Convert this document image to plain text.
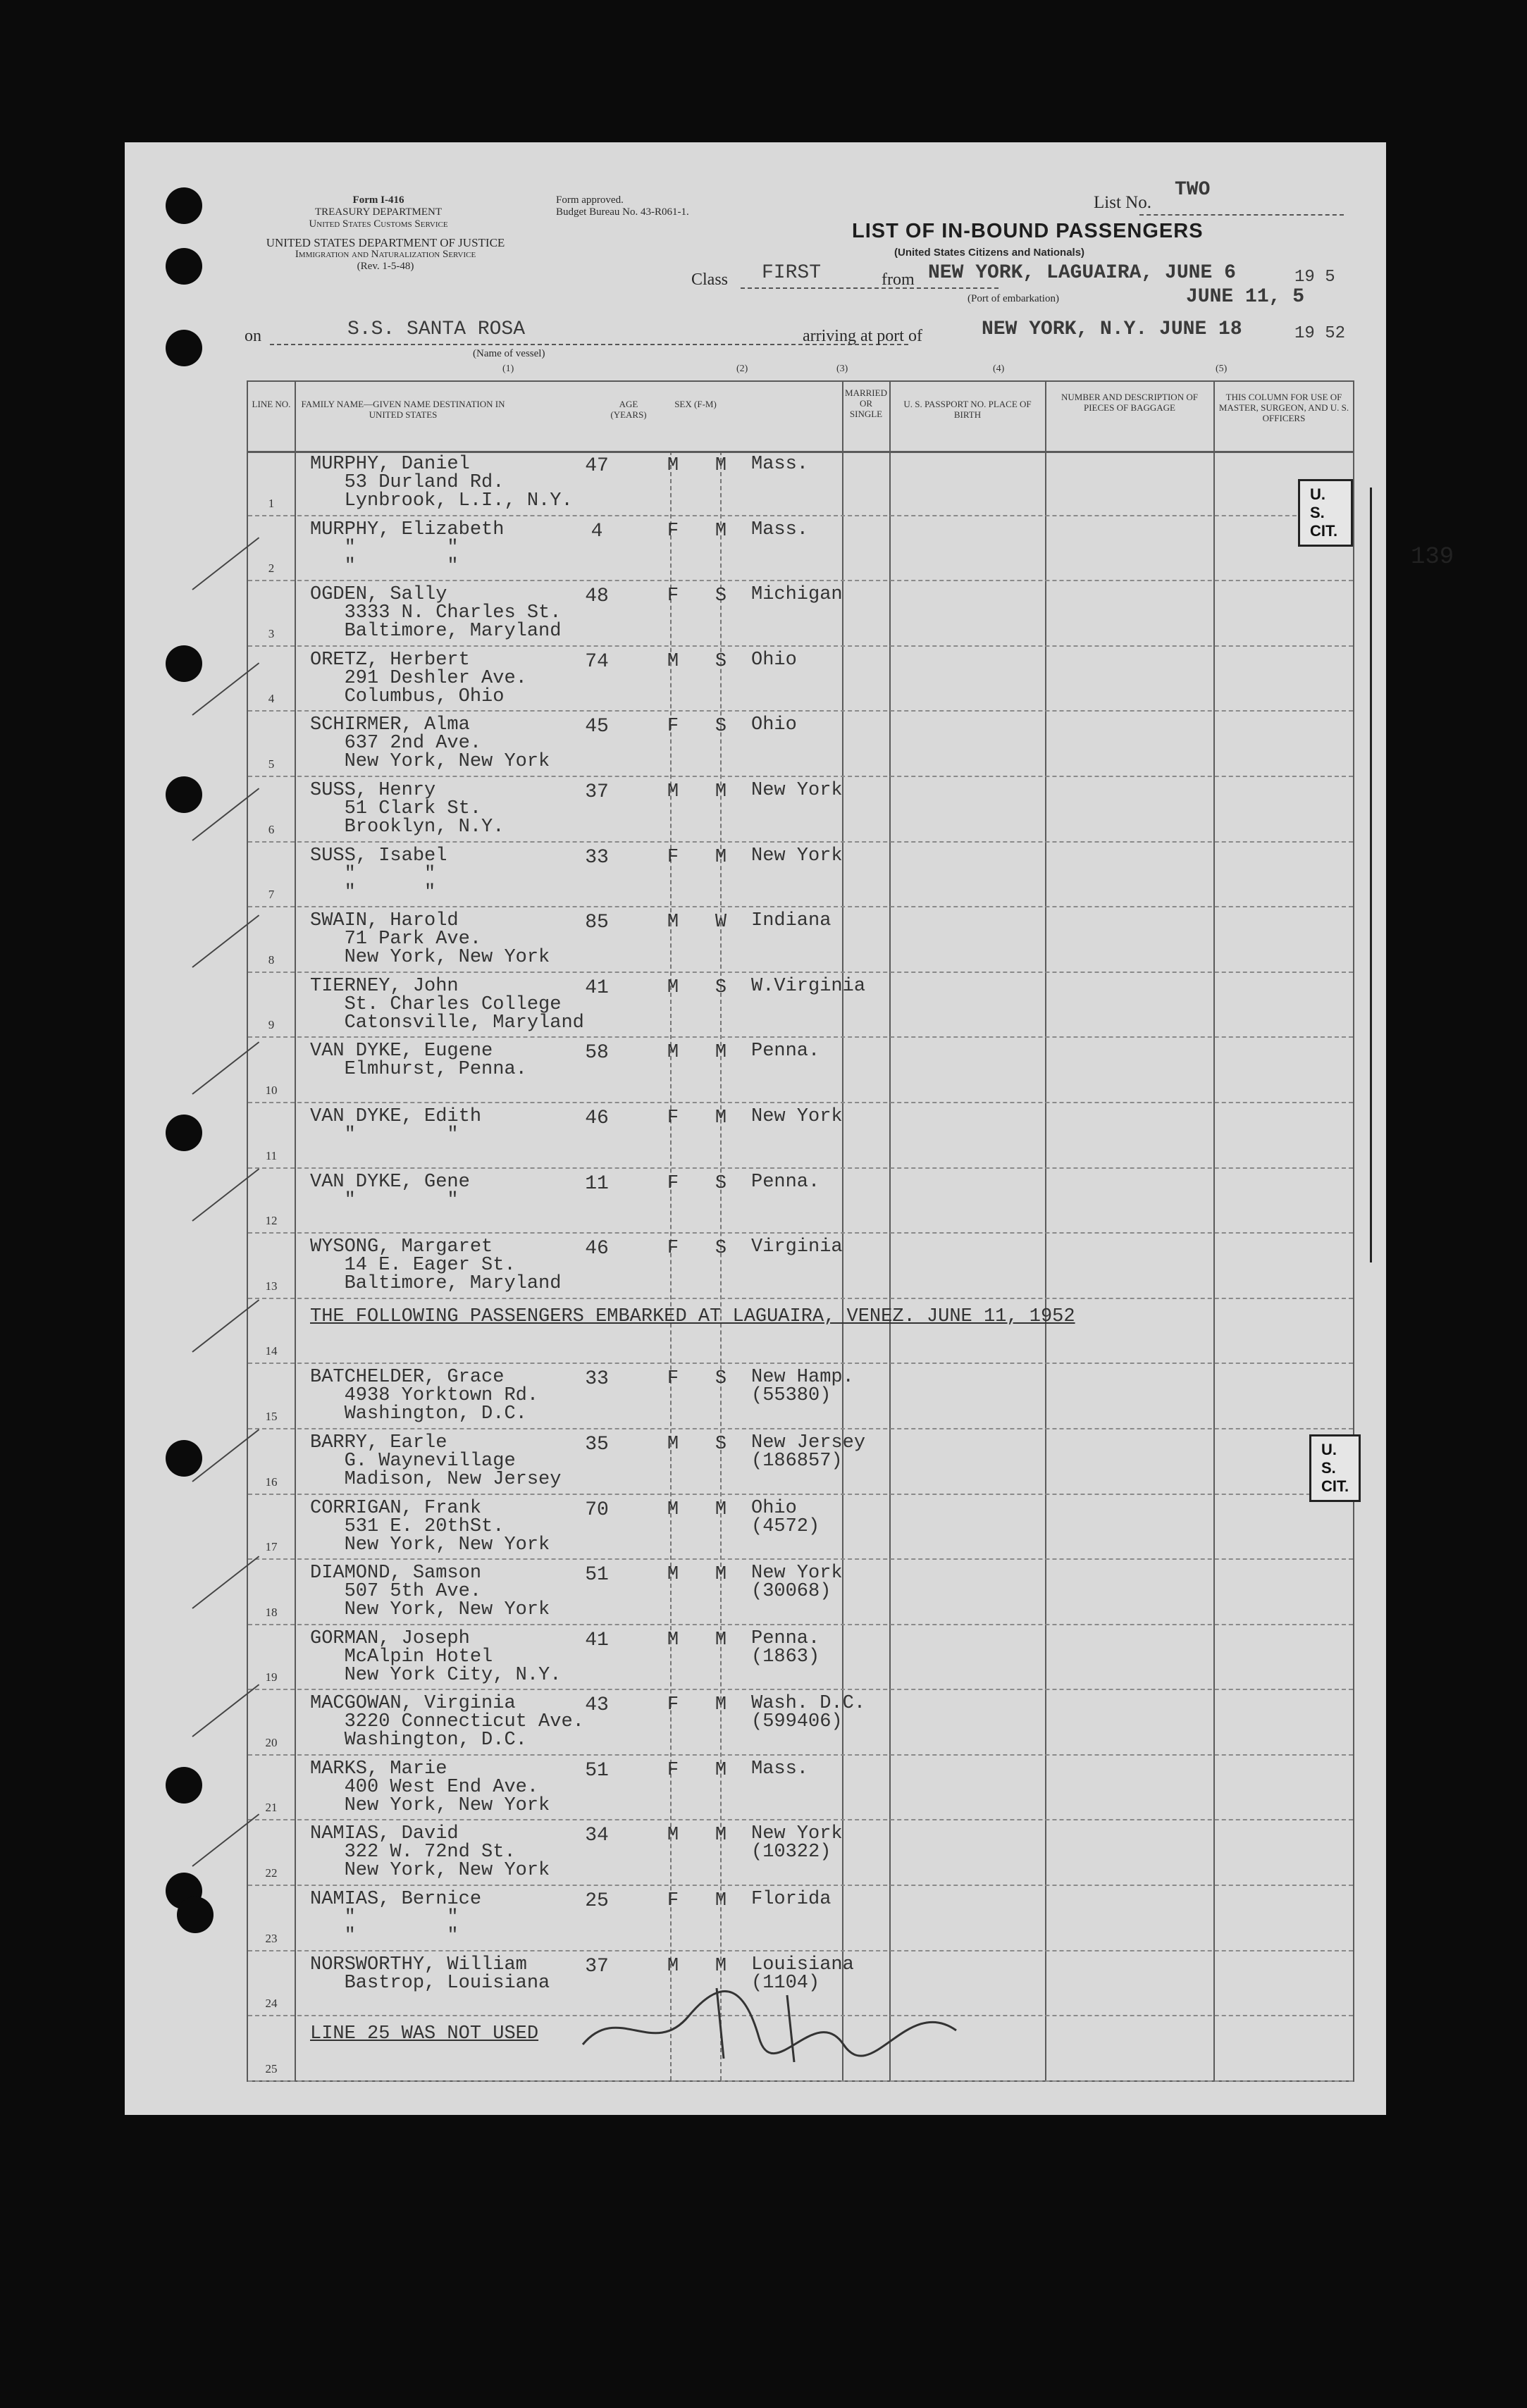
Form I-416
TREASURY DEPARTMENT
United States Customs Service
Form approved.
Budget Bureau No. 43-R061-1.
UNITED STATES DEPARTMENT OF JUSTICE
Immigration and Naturalization Service
(Rev. 1-5-48)
List No.
TWO
LIST OF IN-BOUND PASSENGERS
(United States Citizens and Nationals)
Class FIRST	from NEW YORK, LAGUAIRA, JUNE 6
JUNE 11, 5
19 5
(Port of embarkation)
on	S.S. SANTA ROSA
(Name of vessel)
arriving at port of	NEW YORK, N.Y. JUNE 18	19 52
(1)	(2)	(3)	(4)	(5)
LINE NO.	FAMILY NAME—GIVEN NAME DESTINATION IN UNITED STATES
AGE (YEARS)
SEX (F-M)
MARRIED OR SINGLE
U. S. PASSPORT NO. PLACE OF BIRTH
NUMBER AND DESCRIPTION OF PIECES OF BAGGAGE
THIS COLUMN FOR USE OF MASTER, SURGEON, AND U. S. OFFICERS
1
MURPHY, Daniel
53 Durland Rd.
Lynbrook, L.I., N.Y.
47	M	M	Mass.
2
MURPHY, Elizabeth
"        "
"        "
4	F	M	Mass.
3
OGDEN, Sally
3333 N. Charles St.
Baltimore, Maryland
48	F	S	Michigan
4
ORETZ, Herbert
291 Deshler Ave.
Columbus, Ohio
74	M	S	Ohio
5
SCHIRMER, Alma
637 2nd Ave.
New York, New York
45	F	S	Ohio
6
SUSS, Henry
51 Clark St.
Brooklyn, N.Y.
37	M	M	New York
7
SUSS, Isabel
"      "
"      "
33	F	M	New York
8
SWAIN, Harold
71 Park Ave.
New York, New York
85	M	W	Indiana
9
TIERNEY, John
St. Charles College
Catonsville, Maryland
41	M	S	W.Virginia
10
VAN DYKE, Eugene
Elmhurst, Penna.
58	M	M	Penna.
11
VAN DYKE, Edith
"        "
46	F	M	New York
12
VAN DYKE, Gene
"        "
11	F	S	Penna.
13
WYSONG, Margaret
14 E. Eager St.
Baltimore, Maryland
46	F	S	Virginia
14
THE FOLLOWING PASSENGERS EMBARKED AT LAGUAIRA, VENEZ. JUNE 11, 1952
15
BATCHELDER, Grace
4938 Yorktown Rd.
Washington, D.C.
33	F	S	New Hamp.
(55380)
16
BARRY, Earle
G. Waynevillage
Madison, New Jersey
35	M	S	New Jersey
(186857)
17
CORRIGAN, Frank
531 E. 20thSt.
New York, New York
70	M	M	Ohio
(4572)
18
DIAMOND, Samson
507 5th Ave.
New York, New York
51	M	M	New York
(30068)
19
GORMAN, Joseph
McAlpin Hotel
New York City, N.Y.
41	M	M	Penna.
(1863)
20
MACGOWAN, Virginia
3220 Connecticut Ave.
Washington, D.C.
43	F	M	Wash. D.C.
(599406)
21
MARKS, Marie
400 West End Ave.
New York, New York
51	F	M	Mass.
22
NAMIAS, David
322 W. 72nd St.
New York, New York
34	M	M	New York
(10322)
23
NAMIAS, Bernice
"        "
"        "
25	F	M	Florida
24
NORSWORTHY, William
Bastrop, Louisiana
37	M	M	Louisiana
(1104)
25
LINE 25 WAS NOT USED
U. S. CIT.
U. S. CIT.
139
